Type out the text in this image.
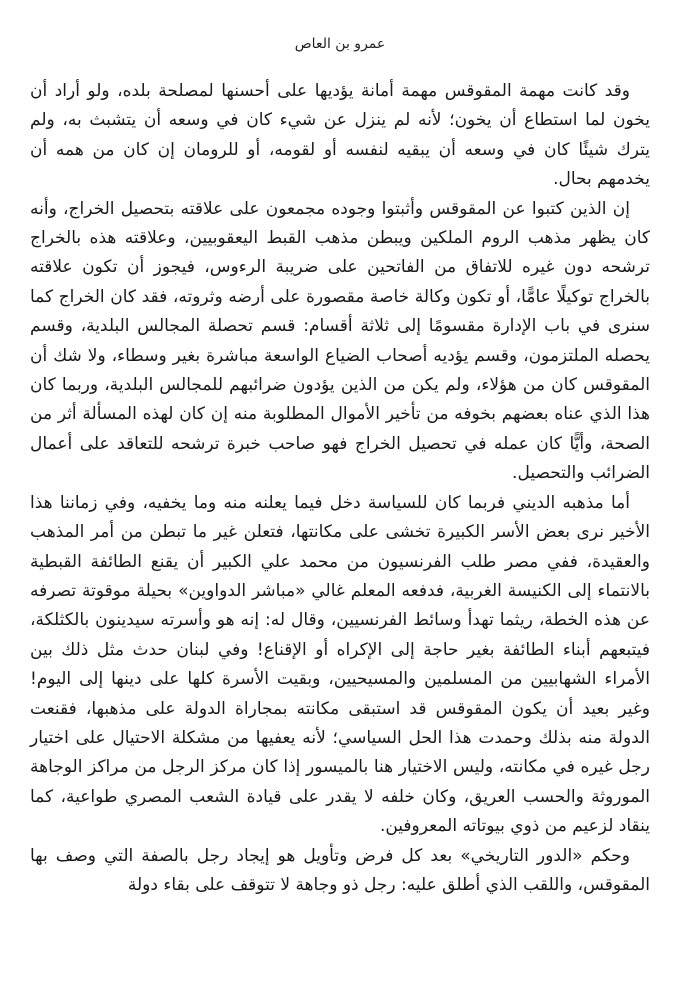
عمرو بن العاص

وقد كانت مهمة المقوقس مهمة أمانة يؤديها على أحسنها لمصلحة بلده، ولو أراد أن يخون لما استطاع أن يخون؛ لأنه لم ينزل عن شيء كان في وسعه أن يتشبث به، ولم يترك شيئًا كان في وسعه أن يبقيه لنفسه أو لقومه، أو للرومان إن كان من همه أن يخدمهم بحال.

إن الذين كتبوا عن المقوقس وأثبتوا وجوده مجمعون على علاقته بتحصيل الخراج، وأنه كان يظهر مذهب الروم الملكين ويبطن مذهب القبط اليعقوبيين، وعلاقته هذه بالخراج ترشحه دون غيره للاتفاق من الفاتحين على ضريبة الرءوس، فيجوز أن تكون علاقته بالخراج توكيلًا عامًّا، أو تكون وكالة خاصة مقصورة على أرضه وثروته، فقد كان الخراج كما سنرى في باب الإدارة مقسومًا إلى ثلاثة أقسام: قسم تحصلة المجالس البلدية، وقسم يحصله الملتزمون، وقسم يؤديه أصحاب الضياع الواسعة مباشرة بغير وسطاء، ولا شك أن المقوقس كان من هؤلاء، ولم يكن من الذين يؤدون ضرائبهم للمجالس البلدية، وربما كان هذا الذي عناه بعضهم بخوفه من تأخير الأموال المطلوبة منه إن كان لهذه المسألة أثر من الصحة، وأيًّا كان عمله في تحصيل الخراج فهو صاحب خبرة ترشحه للتعاقد على أعمال الضرائب والتحصيل.

أما مذهبه الديني فربما كان للسياسة دخل فيما يعلنه منه وما يخفيه، وفي زماننا هذا الأخير نرى بعض الأسر الكبيرة تخشى على مكانتها، فتعلن غير ما تبطن من أمر المذهب والعقيدة، ففي مصر طلب الفرنسيون من محمد علي الكبير أن يقنع الطائفة القبطية بالانتماء إلى الكنيسة الغربية، فدفعه المعلم غالي «مباشر الدواوين» بحيلة موقوتة تصرفه عن هذه الخطة، ريثما تهدأ وسائط الفرنسيين، وقال له: إنه هو وأسرته سيدينون بالكثلكة، فيتبعهم أبناء الطائفة بغير حاجة إلى الإكراه أو الإقناع! وفي لبنان حدث مثل ذلك بين الأمراء الشهابيين من المسلمين والمسيحيين، وبقيت الأسرة كلها على دينها إلى اليوم! وغير بعيد أن يكون المقوقس قد استبقى مكانته بمجاراة الدولة على مذهبها، فقنعت الدولة منه بذلك وحمدت هذا الحل السياسي؛ لأنه يعفيها من مشكلة الاحتيال على اختيار رجل غيره في مكانته، وليس الاختيار هنا بالميسور إذا كان مركز الرجل من مراكز الوجاهة الموروثة والحسب العريق، وكان خلفه لا يقدر على قيادة الشعب المصري طواعية، كما ينقاد لزعيم من ذوي بيوتاته المعروفين.

وحكم «الدور التاريخي» بعد كل فرض وتأويل هو إيجاد رجل بالصفة التي وصف بها المقوقس، واللقب الذي أطلق عليه: رجل ذو وجاهة لا تتوقف على بقاء دولة
